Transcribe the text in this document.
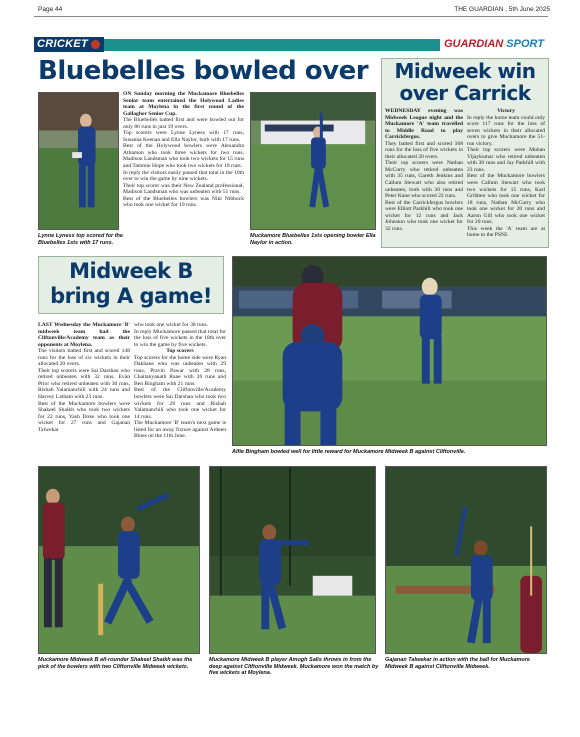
Page 44	THE GUARDIAN , 5th June 2025
CRICKET	GUARDIAN SPORT
Bluebelles bowled over

ON Sunday morning the Muckamore Bluebelles Senior team entertained the Holywood Ladies team at Moylena in the first round of the Gallagher Senior Cup.

The Bluebelles batted first and were bowled out for only 86 runs in just 19 overs.

Top scorers were Lynne Lyness with 17 runs, Susanna Keenan and Ella Naylor, both with 17 runs.

Best of the Holywood bowlers were Alexandra Athamon who took three wickets for two runs, Madison Landsman who took two wickets for 15 runs and Tammie Hope who took two wickets for 18 runs.

In reply the visitors easily passed that total in the 10th over to win the game by nine wickets.

Their top scorer was their New Zealand professional, Madison Landsman who was unbeaten with 51 runs.

Best of the Bluebelles bowlers was Niki Nibbock who took one wicket for 19 runs.

Lynne Lyness top scored for the Bluebelles 1sts with 17 runs.
Muckamore Bluebelles 1sts opening bowler Ella Naylor in action.
Midweek win
over Carrick

WEDNESDAY evening was Midweek League night and the Muckamore 'A' team travelled to Middle Road to play Carrickfergus.

They batted first and scored 168 runs for the loss of five wickets in their allocated 20 overs.

Their top scorers were Nathan McCurry who retired unbeaten with 35 runs, Gareth Jenkins and Callum Stewart who also retired unbeaten, both with 30 runs and Peter Kane who scored 22 runs.

Best of the Carrickfergus bowlers were Elliott Parkhill who took one wicket for 12 runs and Jack Johnston who took one wicket for 32 runs.

Victory

In reply the home team could only score 117 runs for the loss of seven wickets in their allocated overs to give Muckamore the 51-run victory.

Their top scorers were Mohan Vijaykumar who retired unbeaten with 30 runs and Jay Parkhill with 23 runs.

Best of the Muckamore bowlers were Callum Stewart who took two wickets for 15 runs, Karl Gribben who took one wicket for 18 runs, Nathan McCurry who took one wicket for 20 runs and Aaron Gill who took one wicket for 20 runs.

This week the 'A' team are at home to the PSNI.

Midweek B
bring A game!

LAST Wednesday the Muckamore 'B' midweek team had the Cliftonville/Academy team as their opponents at Moylena.

The visitors batted first and scored 148 runs for the loss of six wickets in their allocated 20 overs.

Their top scorers were Sai Darshan who retired unbeaten with 32 runs, Evan Prior who retired unbeaten with 30 runs, Rishab Yalamanchili with 24 runs and Harvey Latham with 23 runs.

Best of the Muckamore bowlers were Shakeel Shaikh who took two wickets for 22 runs, Yash Doke who took one wicket for 27 runs and Gajanan Talwekar

who took one wicket for 38 runs.

In reply Muckamore passed that total for the loss of five wickets in the 18th over to win the game by five wickets.

Top scorers

Top scorers for the home side were Ryan Dakhane who was unbeaten with 29 runs, Pravin Pawar with 28 runs, Chaitanyanath Rane with 26 runs and Ben Bingham with 21 runs.

Best of the Cliftonville/Academy bowlers were Sai Darshan who took two wickets for 28 runs and Rishab Yalamanchili who took one wicket for 14 runs.

The Muckamore 'B' team's next game is listed for an away fixture against Ardeen Blues on the 11th June.

Alfie Bingham bowled well for little reward for Muckamore Midweek B against Cliftonville.
Muckamore Midweek B all-rounder Shakeel Shaikh was the pick of the bowlers with two Cliftonville Midweek wickets.
Muckamore Midweek B player Amogh Salis throws in from the deep against Cliftonville Midweek. Muckamore won the match by five wickets at Moylena.
Gajanan Talwekar in action with the ball for Muckamore Midweek B against Cliftonville Midweek.
